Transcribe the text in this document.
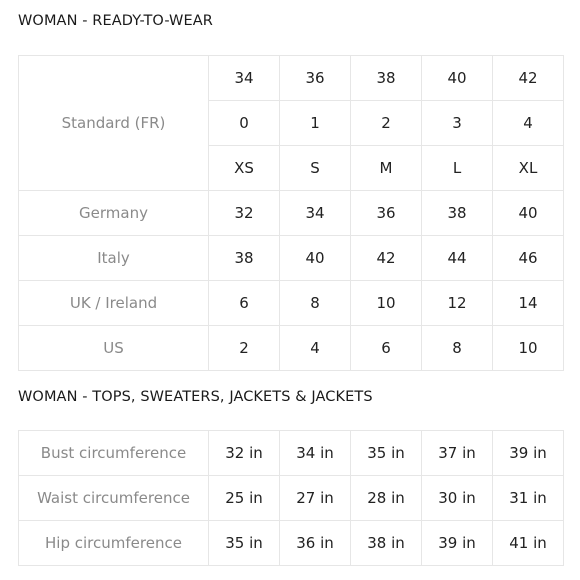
WOMAN - READY-TO-WEAR
Standard (FR)	34	36	38	40	42
	0	1	2	3	4
	XS	S	M	L	XL
Germany	32	34	36	38	40
Italy	38	40	42	44	46
UK / Ireland	6	8	10	12	14
US	2	4	6	8	10
WOMAN - TOPS, SWEATERS, JACKETS & JACKETS
Bust circumference	32 in	34 in	35 in	37 in	39 in
Waist circumference	25 in	27 in	28 in	30 in	31 in
Hip circumference	35 in	36 in	38 in	39 in	41 in
